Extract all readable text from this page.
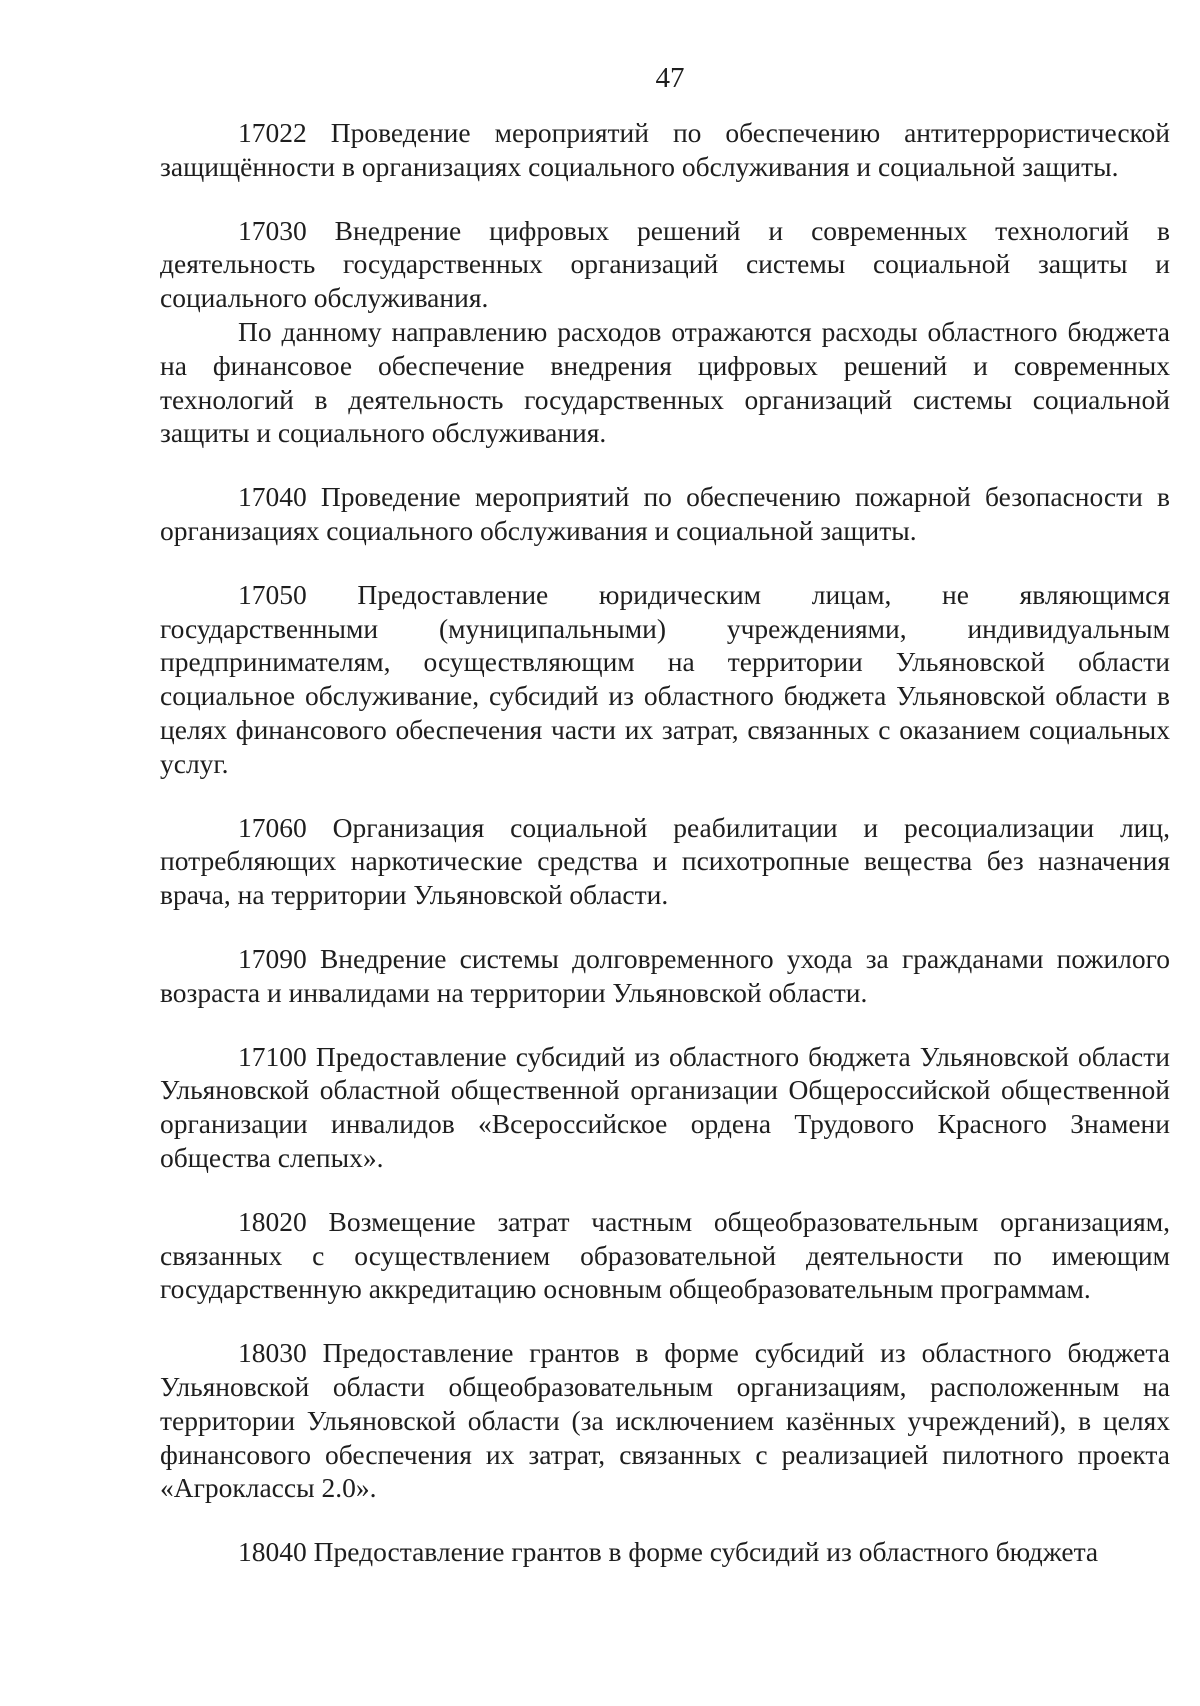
47

17022 Проведение мероприятий по обеспечению антитеррористической защищённости в организациях социального обслуживания и социальной защиты.

17030 Внедрение цифровых решений и современных технологий в деятельность государственных организаций системы социальной защиты и социального обслуживания.

По данному направлению расходов отражаются расходы областного бюджета на финансовое обеспечение внедрения цифровых решений и современных технологий в деятельность государственных организаций системы социальной защиты и социального обслуживания.

17040 Проведение мероприятий по обеспечению пожарной безопасности в организациях социального обслуживания и социальной защиты.

17050 Предоставление юридическим лицам, не являющимся государственными (муниципальными) учреждениями, индивидуальным предпринимателям, осуществляющим на территории Ульяновской области социальное обслуживание, субсидий из областного бюджета Ульяновской области в целях финансового обеспечения части их затрат, связанных с оказанием социальных услуг.

17060 Организация социальной реабилитации и ресоциализации лиц, потребляющих наркотические средства и психотропные вещества без назначения врача, на территории Ульяновской области.

17090 Внедрение системы долговременного ухода за гражданами пожилого возраста и инвалидами на территории Ульяновской области.

17100 Предоставление субсидий из областного бюджета Ульяновской области Ульяновской областной общественной организации Общероссийской общественной организации инвалидов «Всероссийское ордена Трудового Красного Знамени общества слепых».

18020 Возмещение затрат частным общеобразовательным организациям, связанных с осуществлением образовательной деятельности по имеющим государственную аккредитацию основным общеобразовательным программам.

18030 Предоставление грантов в форме субсидий из областного бюджета Ульяновской области общеобразовательным организациям, расположенным на территории Ульяновской области (за исключением казённых учреждений), в целях финансового обеспечения их затрат, связанных с реализацией пилотного проекта «Агроклассы 2.0».

18040 Предоставление грантов в форме субсидий из областного бюджета
